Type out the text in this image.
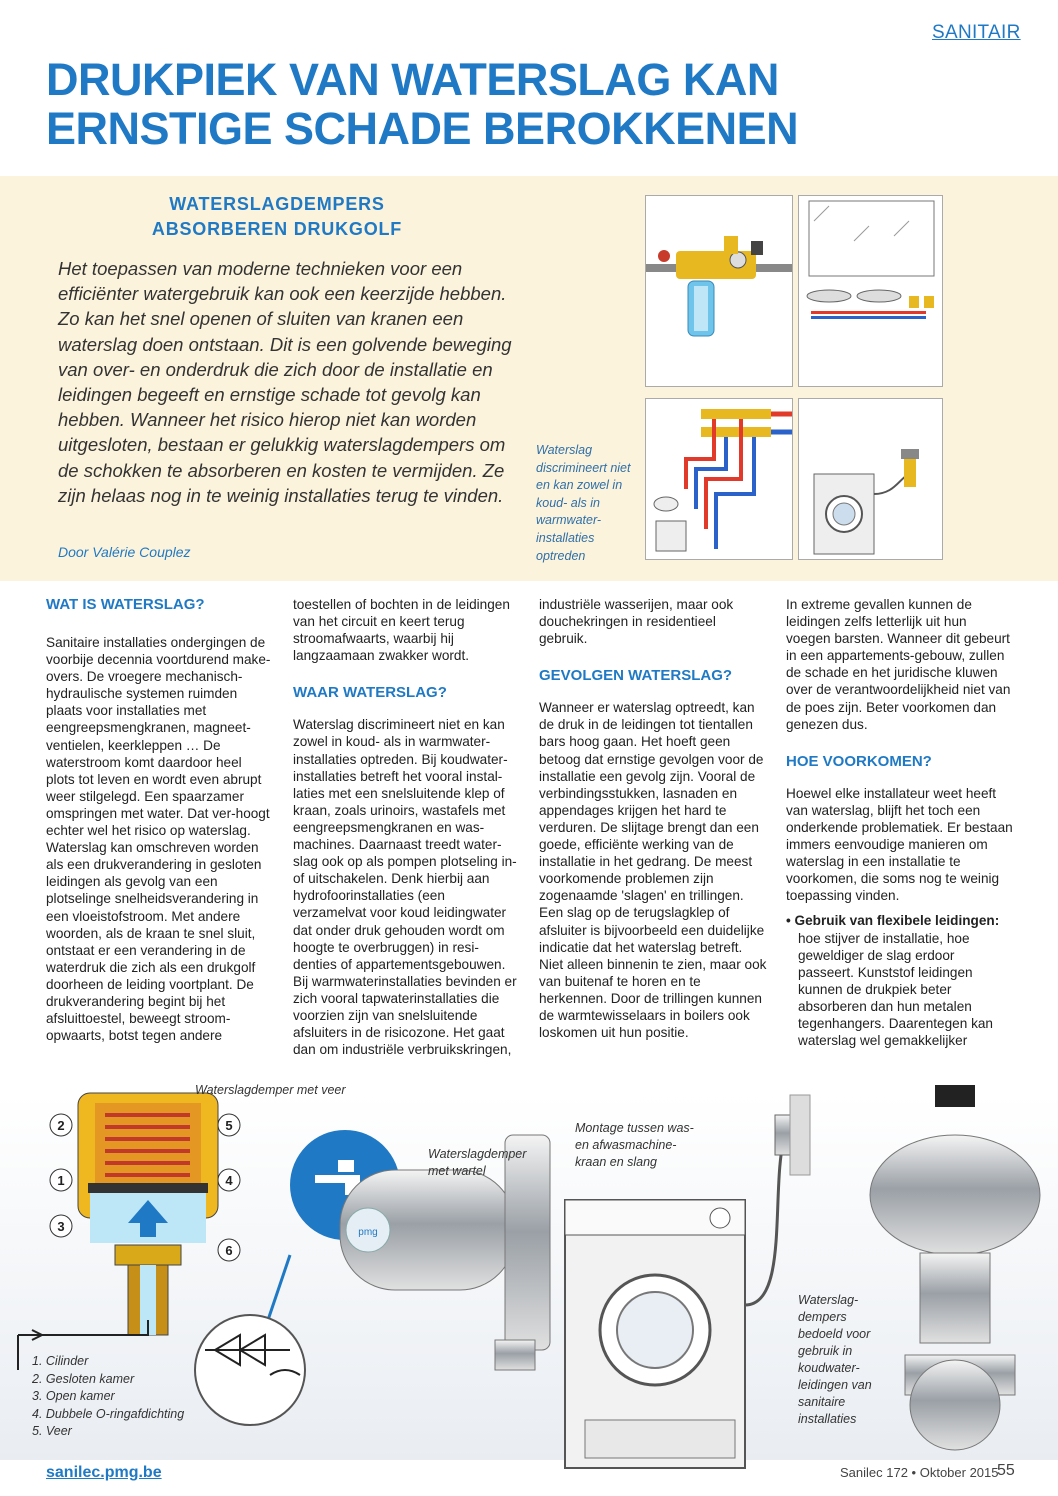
SANITAIR
DRUKPIEK VAN WATERSLAG KAN
ERNSTIGE SCHADE BEROKKENEN
WATERSLAGDEMPERS
ABSORBEREN DRUKGOLF
Het toepassen van moderne technieken voor een efficiënter watergebruik kan ook een keerzijde hebben. Zo kan het snel openen of sluiten van kranen een waterslag doen ontstaan. Dit is een golvende beweging van over- en onderdruk die zich door de installatie en leidingen begeeft en ernstige schade tot gevolg kan hebben. Wanneer het risico hierop niet kan worden uitgesloten, bestaan er gelukkig waterslagdempers om de schokken te absorberen en kosten te vermijden. Ze zijn helaas nog in te weinig installaties terug te vinden.
Door Valérie Couplez
Waterslag discrimineert niet en kan zowel in koud- als in warmwater-installaties optreden
WAT IS WATERSLAG?

Sanitaire installaties ondergingen de voorbije decennia voortdurend make-overs. De vroegere mechanisch-hydraulische systemen ruimden plaats voor installaties met eengreepsmengkranen, magneet-ventielen, keerkleppen … De waterstroom komt daardoor heel plots tot leven en wordt even abrupt weer stilgelegd. Een spaarzamer omspringen met water. Dat ver-hoogt echter wel het risico op waterslag. Waterslag kan omschreven worden als een drukverandering in gesloten leidingen als gevolg van een plotselinge snelheidsverandering in een vloeistofstroom. Met andere woorden, als de kraan te snel sluit, ontstaat er een verandering in de waterdruk die zich als een drukgolf doorheen de leiding voortplant. De drukverandering begint bij het afsluittoestel, beweegt stroom-opwaarts, botst tegen andere

toestellen of bochten in de leidingen van het circuit en keert terug stroomafwaarts, waarbij hij langzaamaan zwakker wordt.

WAAR WATERSLAG?

Waterslag discrimineert niet en kan zowel in koud- als in warmwater-installaties optreden. Bij koudwater-installaties betreft het vooral instal-laties met een snelsluitende klep of kraan, zoals urinoirs, wastafels met eengreepsmengkranen en was-machines. Daarnaast treedt water-slag ook op als pompen plotseling in- of uitschakelen. Denk hierbij aan hydrofoorinstallaties (een verzamelvat voor koud leidingwater dat onder druk gehouden wordt om hoogte te overbruggen) in resi-denties of appartementsgebouwen. Bij warmwaterinstallaties bevinden er zich vooral tapwaterinstallaties die voorzien zijn van snelsluitende afsluiters in de risicozone. Het gaat dan om industriële verbruikskringen,

industriële wasserijen, maar ook douchekringen in residentieel gebruik.

GEVOLGEN WATERSLAG?

Wanneer er waterslag optreedt, kan de druk in de leidingen tot tientallen bars hoog gaan. Het hoeft geen betoog dat ernstige gevolgen voor de installatie een gevolg zijn. Vooral de verbindingsstukken, lasnaden en appendages krijgen het hard te verduren. De slijtage brengt dan een goede, efficiënte werking van de installatie in het gedrang. De meest voorkomende problemen zijn zogenaamde 'slagen' en trillingen. Een slag op de terugslagklep of afsluiter is bijvoorbeeld een duidelijke indicatie dat het waterslag betreft. Niet alleen binnenin te zien, maar ook van buitenaf te horen en te herkennen. Door de trillingen kunnen de warmtewisselaars in boilers ook loskomen uit hun positie.

In extreme gevallen kunnen de leidingen zelfs letterlijk uit hun voegen barsten. Wanneer dit gebeurt in een appartements-gebouw, zullen de schade en het juridische kluwen over de verantwoordelijkheid niet van de poes zijn. Beter voorkomen dan genezen dus.

HOE VOORKOMEN?

Hoewel elke installateur weet heeft van waterslag, blijft het toch een onderkende problematiek. Er bestaan immers eenvoudige manieren om waterslag in een installatie te voorkomen, die soms nog te weinig toepassing vinden.

• Gebruik van flexibele leidingen: hoe stijver de installatie, hoe geweldiger de slag erdoor passeert. Kunststof leidingen kunnen de drukpiek beter absorberen dan hun metalen tegenhangers. Daarentegen kan waterslag wel gemakkelijker

2
1
3
5
4
6
pmg
Waterslagdemper met veer
Waterslagdemper
met wartel
Montage tussen was-
en afwasmachine-
kraan en slang
Waterslag-
dempers
bedoeld voor
gebruik in
koudwater-
leidingen van
sanitaire
installaties
1. Cilinder
2. Gesloten kamer
3. Open kamer
4. Dubbele O-ringafdichting
5. Veer
sanilec.pmg.be	Sanilec 172 • Oktober 2015
55
